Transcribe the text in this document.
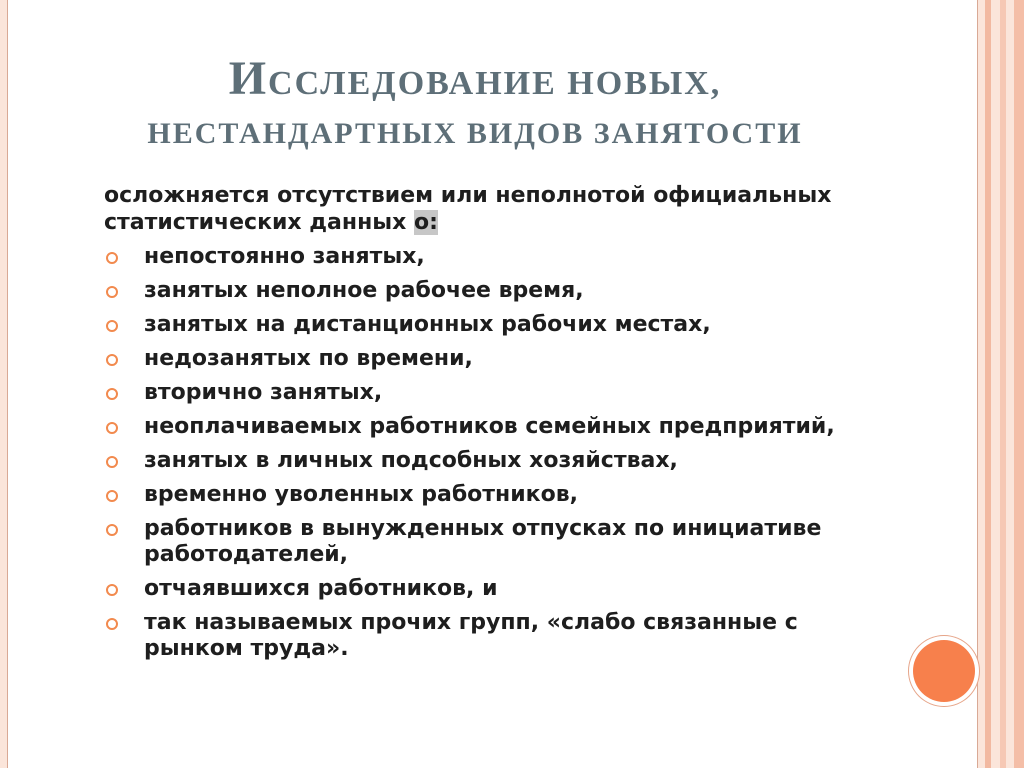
ИССЛЕДОВАНИЕ НОВЫХ,
НЕСТАНДАРТНЫХ ВИДОВ ЗАНЯТОСТИ

осложняется отсутствием или неполнотой официальных статистических данных о:

непостоянно занятых,
занятых неполное рабочее время,
занятых на дистанционных рабочих местах,
недозанятых по времени,
вторично занятых,
неоплачиваемых работников семейных предприятий,
занятых в личных подсобных хозяйствах,
временно уволенных работников,
работников в вынужденных отпусках по инициативе работодателей,
отчаявшихся работников, и
так называемых прочих групп, «слабо связанные с рынком труда».
